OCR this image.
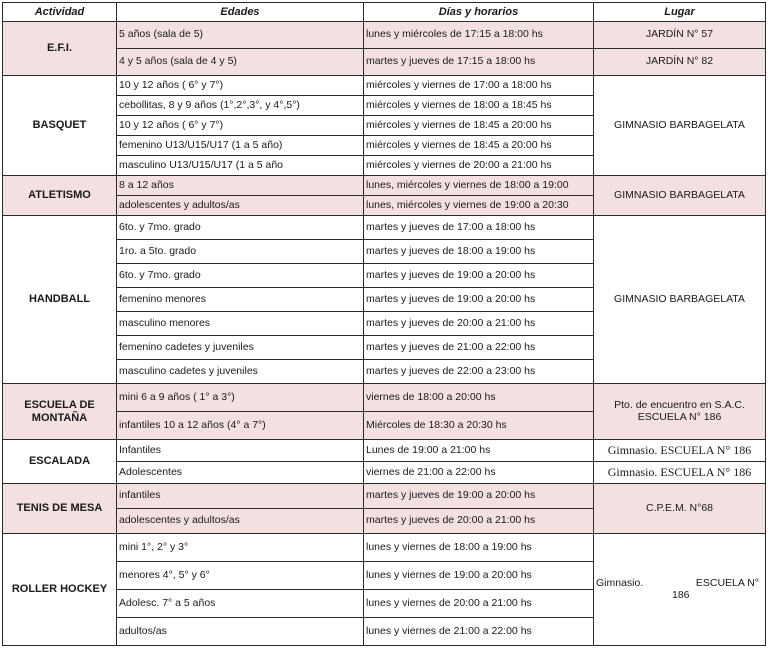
Actividad	Edades	Días y horarios	Lugar
E.F.I.	5 años (sala de 5)	lunes y miércoles de 17:15 a 18:00 hs	JARDÍN N° 57
	4 y 5 años (sala de 4 y 5)	martes y jueves de 17:15 a 18:00 hs	JARDÍN N° 82
BASQUET	10 y 12 años ( 6° y 7°)	miércoles y viernes de 17:00 a 18:00 hs	GIMNASIO BARBAGELATA
	cebollitas, 8 y 9 años (1°,2°,3°, y 4°,5°)	miércoles y viernes de 18:00 a 18:45 hs	
	10 y 12 años ( 6° y 7°)	miércoles y viernes de 18:45 a 20:00 hs	
	femenino U13/U15/U17 (1 a 5 año)	miércoles y viernes de 18:45 a 20:00 hs	
	masculino U13/U15/U17 (1 a 5 año	miércoles y viernes de 20:00 a 21:00 hs	
ATLETISMO	8 a 12 años	lunes, miércoles y viernes de 18:00 a 19:00	GIMNASIO BARBAGELATA
	adolescentes y adultos/as	lunes, miércoles y viernes de 19:00 a 20:30	
HANDBALL	6to. y 7mo. grado	martes y jueves de 17:00 a 18:00 hs	GIMNASIO BARBAGELATA
	1ro. a 5to. grado	martes y jueves de 18:00 a 19:00 hs	
	6to. y 7mo. grado	martes y jueves de 19:00 a 20:00 hs	
	femenino menores	martes y jueves de 19:00 a 20:00 hs	
	masculino menores	martes y jueves de 20:00 a 21:00 hs	
	femenino cadetes y juveniles	martes y jueves de 21:00 a 22:00 hs	
	masculino cadetes y juveniles	martes y jueves de 22:00 a 23:00 hs	
ESCUELA DE MONTAÑA	mini 6 a 9 años ( 1° a 3°)	viernes de 18:00 a 20:00 hs	Pto. de encuentro en S.A.C. ESCUELA N° 186
	infantiles 10 a 12 años (4° a 7°)	Miércoles de 18:30 a 20:30 hs	
ESCALADA	Infantiles	Lunes de 19:00 a 21:00 hs	Gimnasio. ESCUELA N° 186
	Adolescentes	viernes de 21:00 a 22:00 hs	Gimnasio. ESCUELA N° 186
TENIS DE MESA	infantiles	martes y jueves de 19:00 a 20:00 hs	C.P.E.M. N°68
	adolescentes y adultos/as	martes y jueves de 20:00 a 21:00 hs	
ROLLER HOCKEY	mini 1°, 2° y 3°	lunes y viernes de 18:00 a 19:00 hs	Gimnasio. ESCUELA N°
186

	menores 4°, 5° y 6°	lunes y viernes de 19:00 a 20:00 hs	
	Adolesc. 7° a 5 años	lunes y viernes de 20:00 a 21:00 hs	
	adultos/as	lunes y viernes de 21:00 a 22:00 hs	
